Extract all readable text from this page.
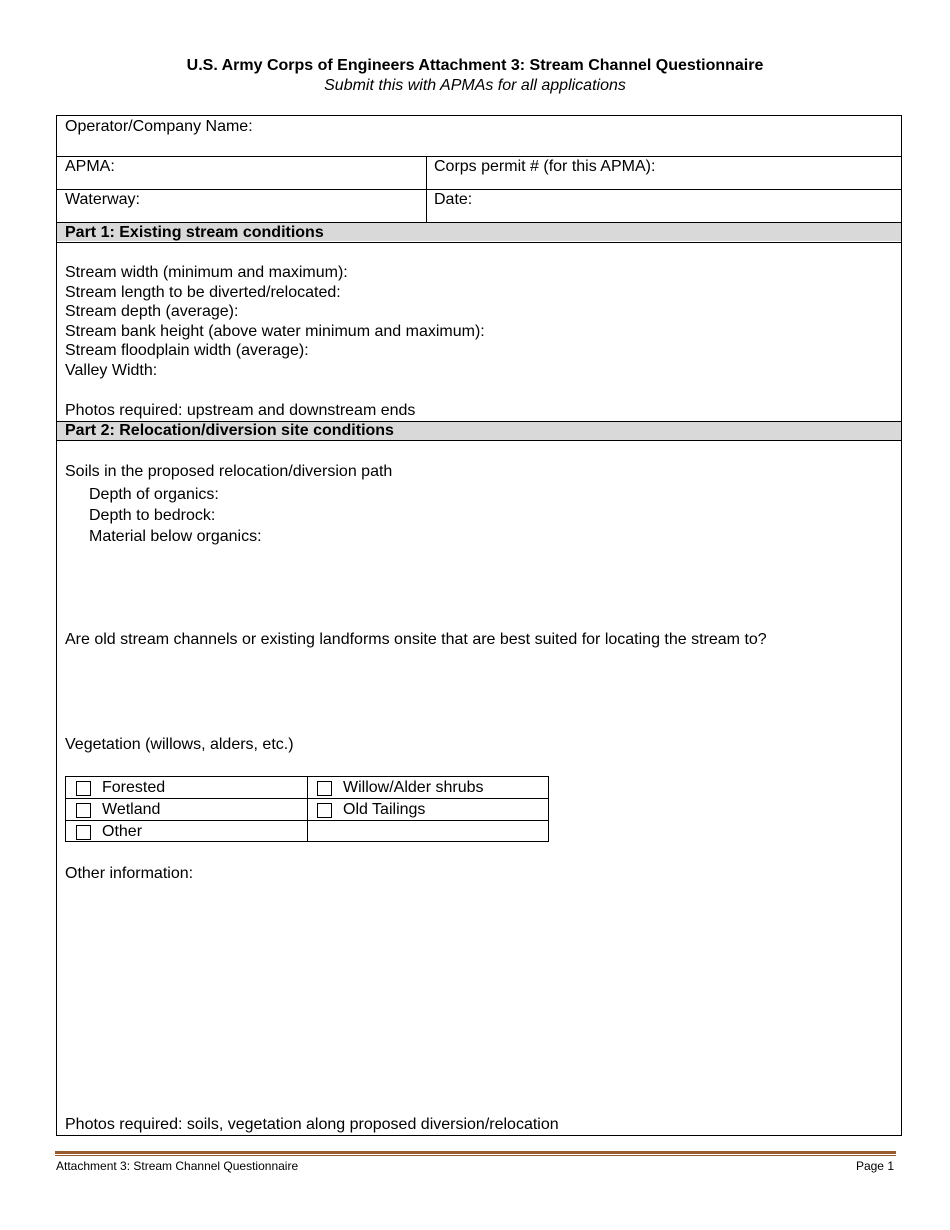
U.S. Army Corps of Engineers Attachment 3: Stream Channel Questionnaire
Submit this with APMAs for all applications
Operator/Company Name:
APMA:	Corps permit # (for this APMA):
Waterway:	Date:
Part 1: Existing stream conditions
Stream width (minimum and maximum):
Stream length to be diverted/relocated:
Stream depth (average):
Stream bank height (above water minimum and maximum):
Stream floodplain width (average):
Valley Width:
Photos required: upstream and downstream ends
Part 2: Relocation/diversion site conditions
Soils in the proposed relocation/diversion path
Depth of organics:
Depth to bedrock:
Material below organics:
Are old stream channels or existing landforms onsite that are best suited for locating the stream to?
Vegetation (willows, alders, etc.)
Forested	Willow/Alder shrubs
Wetland	Old Tailings
Other
Other information:
Photos required: soils, vegetation along proposed diversion/relocation
Attachment 3: Stream Channel Questionnaire	Page 1
